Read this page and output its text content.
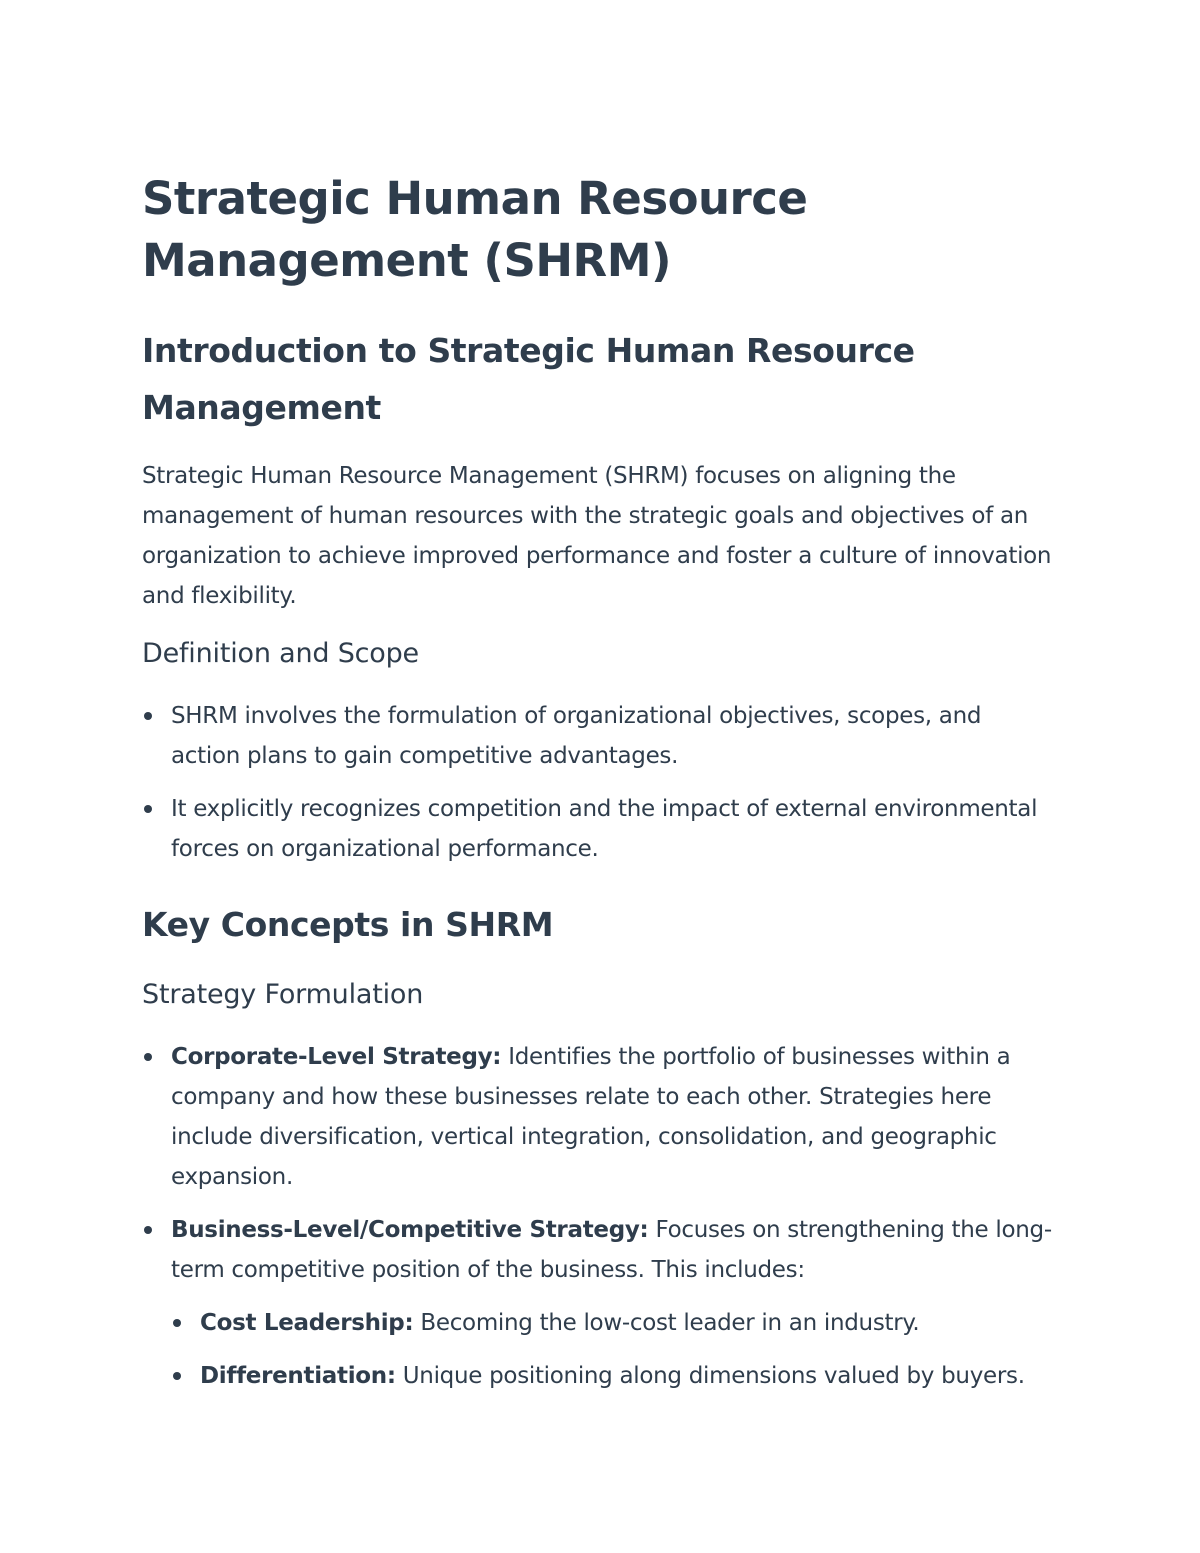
Strategic Human Resource Management (SHRM)
Introduction to Strategic Human Resource Management

Strategic Human Resource Management (SHRM) focuses on aligning the management of human resources with the strategic goals and objectives of an organization to achieve improved performance and foster a culture of innovation and flexibility.

Definition and Scope
SHRM involves the formulation of organizational objectives, scopes, and action plans to gain competitive advantages.
It explicitly recognizes competition and the impact of external environmental forces on organizational performance.
Key Concepts in SHRM
Strategy Formulation
Corporate-Level Strategy: Identifies the portfolio of businesses within a company and how these businesses relate to each other. Strategies here include diversification, vertical integration, consolidation, and geographic expansion.
Business-Level/Competitive Strategy: Focuses on strengthening the long-term competitive position of the business. This includes:
Cost Leadership: Becoming the low-cost leader in an industry.
Differentiation: Unique positioning along dimensions valued by buyers.
